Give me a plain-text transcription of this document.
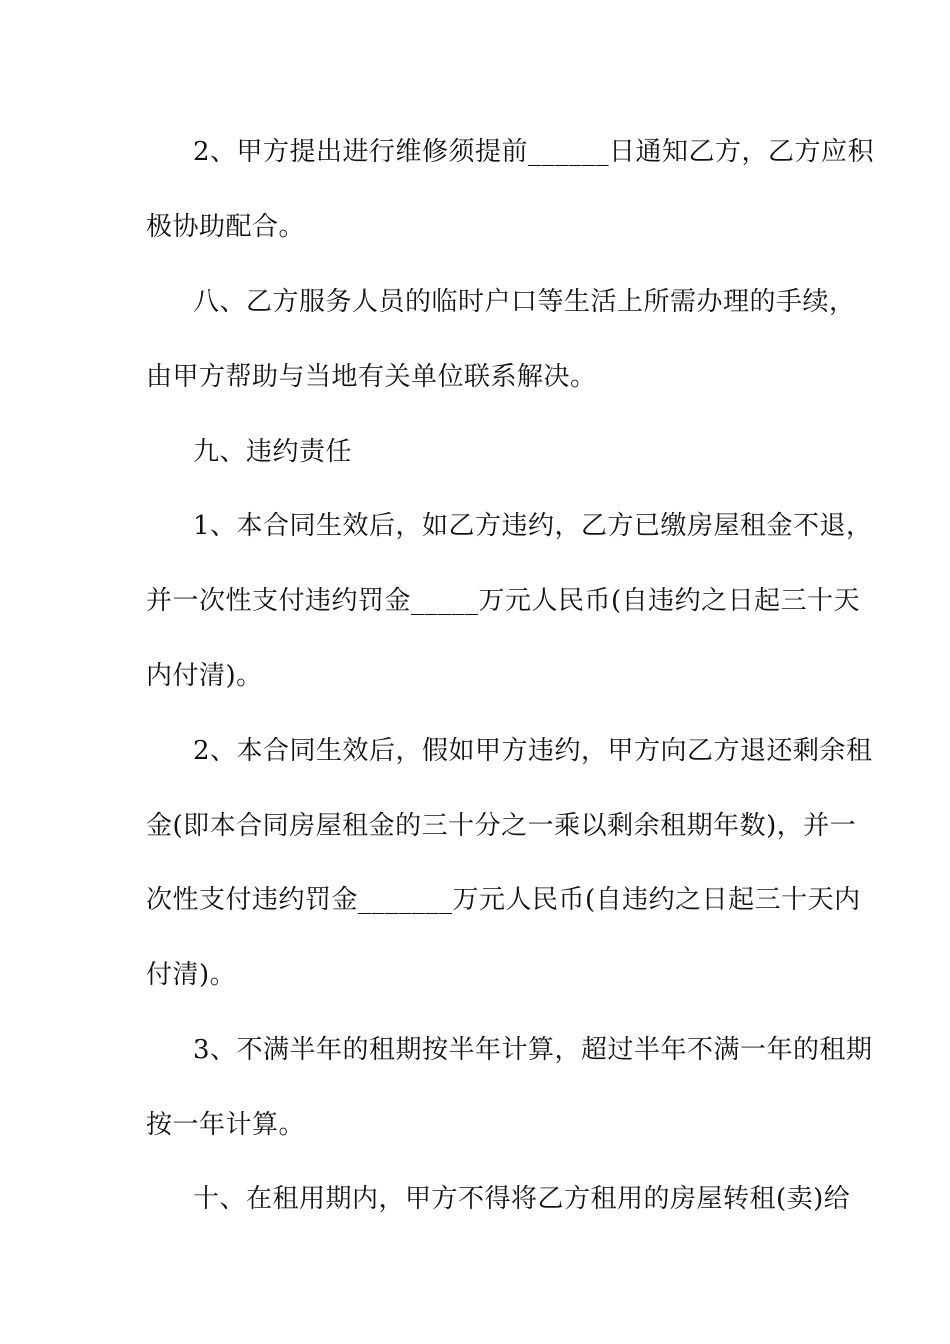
2、甲方提出进行维修须提前______日通知乙方，乙方应积
极协助配合。
八、乙方服务人员的临时户口等生活上所需办理的手续，
由甲方帮助与当地有关单位联系解决。
九、违约责任
1、本合同生效后，如乙方违约，乙方已缴房屋租金不退，
并一次性支付违约罚金_____万元人民币(自违约之日起三十天
内付清)。
2、本合同生效后，假如甲方违约，甲方向乙方退还剩余租
金(即本合同房屋租金的三十分之一乘以剩余租期年数)，并一
次性支付违约罚金_______万元人民币(自违约之日起三十天内
付清)。
3、不满半年的租期按半年计算，超过半年不满一年的租期
按一年计算。
十、在租用期内，甲方不得将乙方租用的房屋转租(卖)给
